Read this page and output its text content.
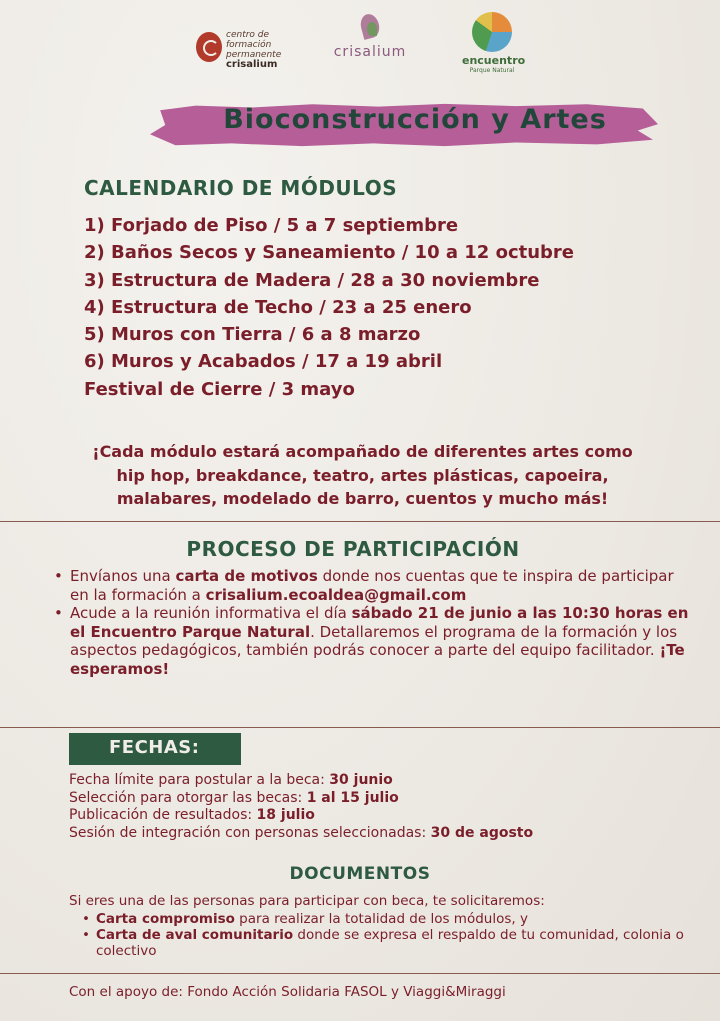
centro de
formación
permanente
crisalium
crisalium
encuentro
Parque Natural
Bioconstrucción y Artes
CALENDARIO DE MÓDULOS
1) Forjado de Piso / 5 a 7 septiembre
2) Baños Secos y Saneamiento / 10 a 12 octubre
3) Estructura de Madera / 28 a 30 noviembre
4) Estructura de Techo / 23 a 25 enero
5) Muros con Tierra / 6 a 8 marzo
6) Muros y Acabados / 17 a 19 abril
Festival de Cierre / 3 mayo
¡Cada módulo estará acompañado de diferentes artes como
hip hop, breakdance, teatro, artes plásticas, capoeira,
malabares, modelado de barro, cuentos y mucho más!
PROCESO DE PARTICIPACIÓN
• Envíanos una carta de motivos donde nos cuentas que te inspira de participar en la formación a crisalium.ecoaldea@gmail.com
• Acude a la reunión informativa el día sábado 21 de junio a las 10:30 horas en el Encuentro Parque Natural. Detallaremos el programa de la formación y los aspectos pedagógicos, también podrás conocer a parte del equipo facilitador. ¡Te esperamos!
FECHAS:
Fecha límite para postular a la beca: 30 junio
Selección para otorgar las becas: 1 al 15 julio
Publicación de resultados: 18 julio
Sesión de integración con personas seleccionadas: 30 de agosto
DOCUMENTOS
Si eres una de las personas para participar con beca, te solicitaremos:
• Carta compromiso para realizar la totalidad de los módulos, y
• Carta de aval comunitario donde se expresa el respaldo de tu comunidad, colonia o colectivo
Con el apoyo de: Fondo Acción Solidaria FASOL y Viaggi&Miraggi
